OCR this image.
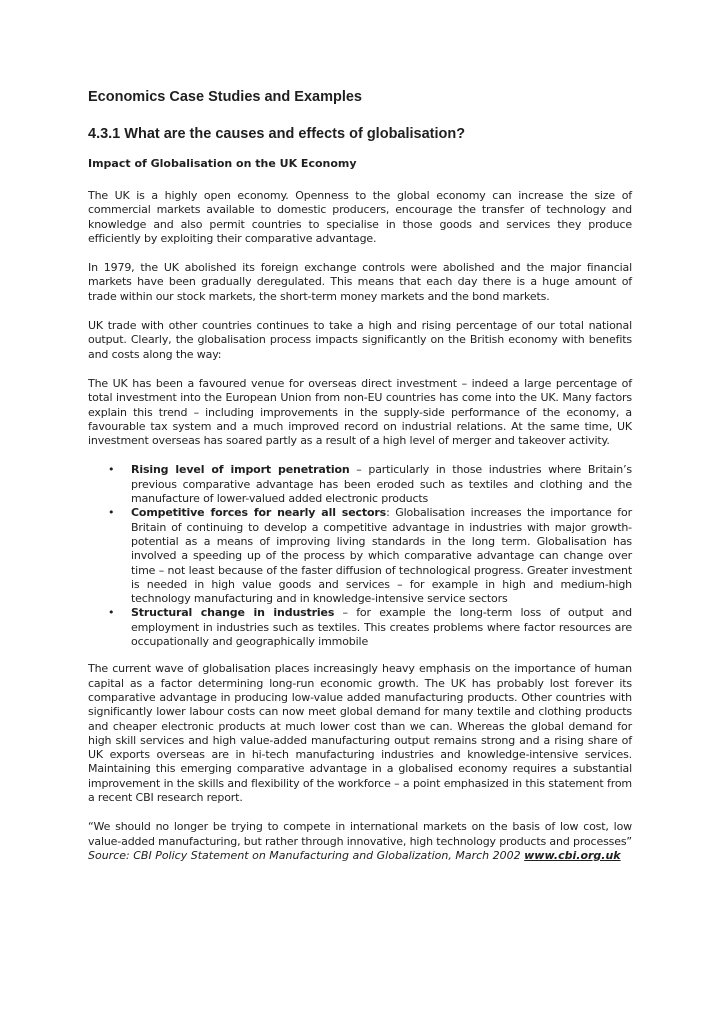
Economics Case Studies and Examples
4.3.1 What are the causes and effects of globalisation?
Impact of Globalisation on the UK Economy

The UK is a highly open economy. Openness to the global economy can increase the size of commercial markets available to domestic producers, encourage the transfer of technology and knowledge and also permit countries to specialise in those goods and services they produce efficiently by exploiting their comparative advantage.

In 1979, the UK abolished its foreign exchange controls were abolished and the major financial markets have been gradually deregulated. This means that each day there is a huge amount of trade within our stock markets, the short-term money markets and the bond markets.

UK trade with other countries continues to take a high and rising percentage of our total national output. Clearly, the globalisation process impacts significantly on the British economy with benefits and costs along the way:

The UK has been a favoured venue for overseas direct investment – indeed a large percentage of total investment into the European Union from non-EU countries has come into the UK. Many factors explain this trend – including improvements in the supply-side performance of the economy, a favourable tax system and a much improved record on industrial relations. At the same time, UK investment overseas has soared partly as a result of a high level of merger and takeover activity.

• Rising level of import penetration – particularly in those industries where Britain’s previous comparative advantage has been eroded such as textiles and clothing and the manufacture of lower-valued added electronic products
• Competitive forces for nearly all sectors: Globalisation increases the importance for Britain of continuing to develop a competitive advantage in industries with major growth-potential as a means of improving living standards in the long term. Globalisation has involved a speeding up of the process by which comparative advantage can change over time – not least because of the faster diffusion of technological progress. Greater investment is needed in high value goods and services – for example in high and medium-high technology manufacturing and in knowledge-intensive service sectors
• Structural change in industries – for example the long-term loss of output and employment in industries such as textiles. This creates problems where factor resources are occupationally and geographically immobile

The current wave of globalisation places increasingly heavy emphasis on the importance of human capital as a factor determining long-run economic growth. The UK has probably lost forever its comparative advantage in producing low-value added manufacturing products. Other countries with significantly lower labour costs can now meet global demand for many textile and clothing products and cheaper electronic products at much lower cost than we can. Whereas the global demand for high skill services and high value-added manufacturing output remains strong and a rising share of UK exports overseas are in hi-tech manufacturing industries and knowledge-intensive services. Maintaining this emerging comparative advantage in a globalised economy requires a substantial improvement in the skills and flexibility of the workforce – a point emphasized in this statement from a recent CBI research report.

“We should no longer be trying to compete in international markets on the basis of low cost, low value-added manufacturing, but rather through innovative, high technology products and processes”

Source: CBI Policy Statement on Manufacturing and Globalization, March 2002 www.cbi.org.uk
